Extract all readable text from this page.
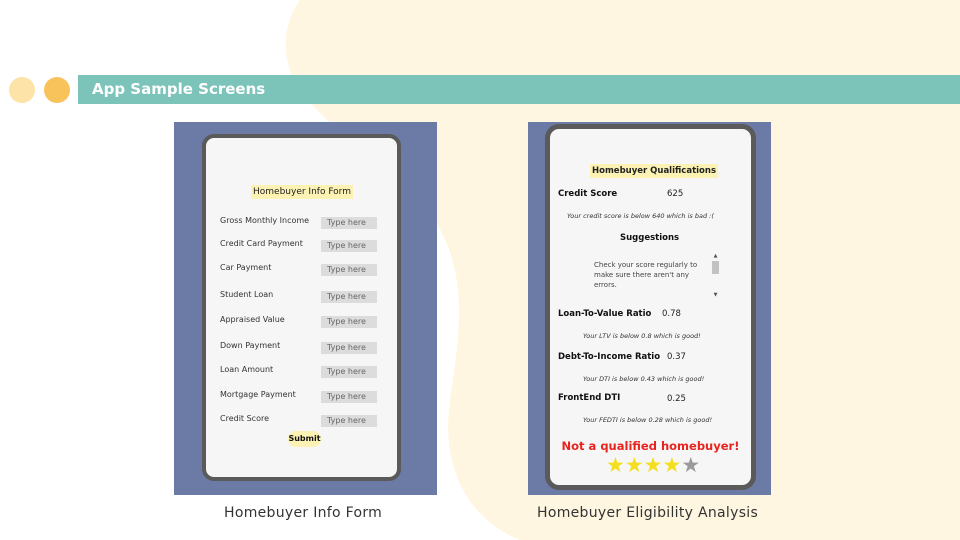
App Sample Screens
Homebuyer Info Form
Gross Monthly Income	Type here
Credit Card Payment	Type here
Car Payment	Type here
Student Loan	Type here
Appraised Value	Type here
Down Payment	Type here
Loan Amount	Type here
Mortgage Payment	Type here
Credit Score	Type here
Submit
Homebuyer Qualifications
Credit Score	625
Your credit score is below 640 which is bad :(
Suggestions
Check your score regularly to make sure there aren't any errors.
▲
▼
Loan-To-Value Ratio 0.78
Your LTV is below 0.8 which is good!
Debt-To-Income Ratio 0.37
Your DTI is below 0.43 which is good!
FrontEnd DTI	0.25
Your FEDTI is below 0.28 which is good!
Not a qualified homebuyer!
★★★★★
Homebuyer Info Form	Homebuyer Eligibility Analysis
